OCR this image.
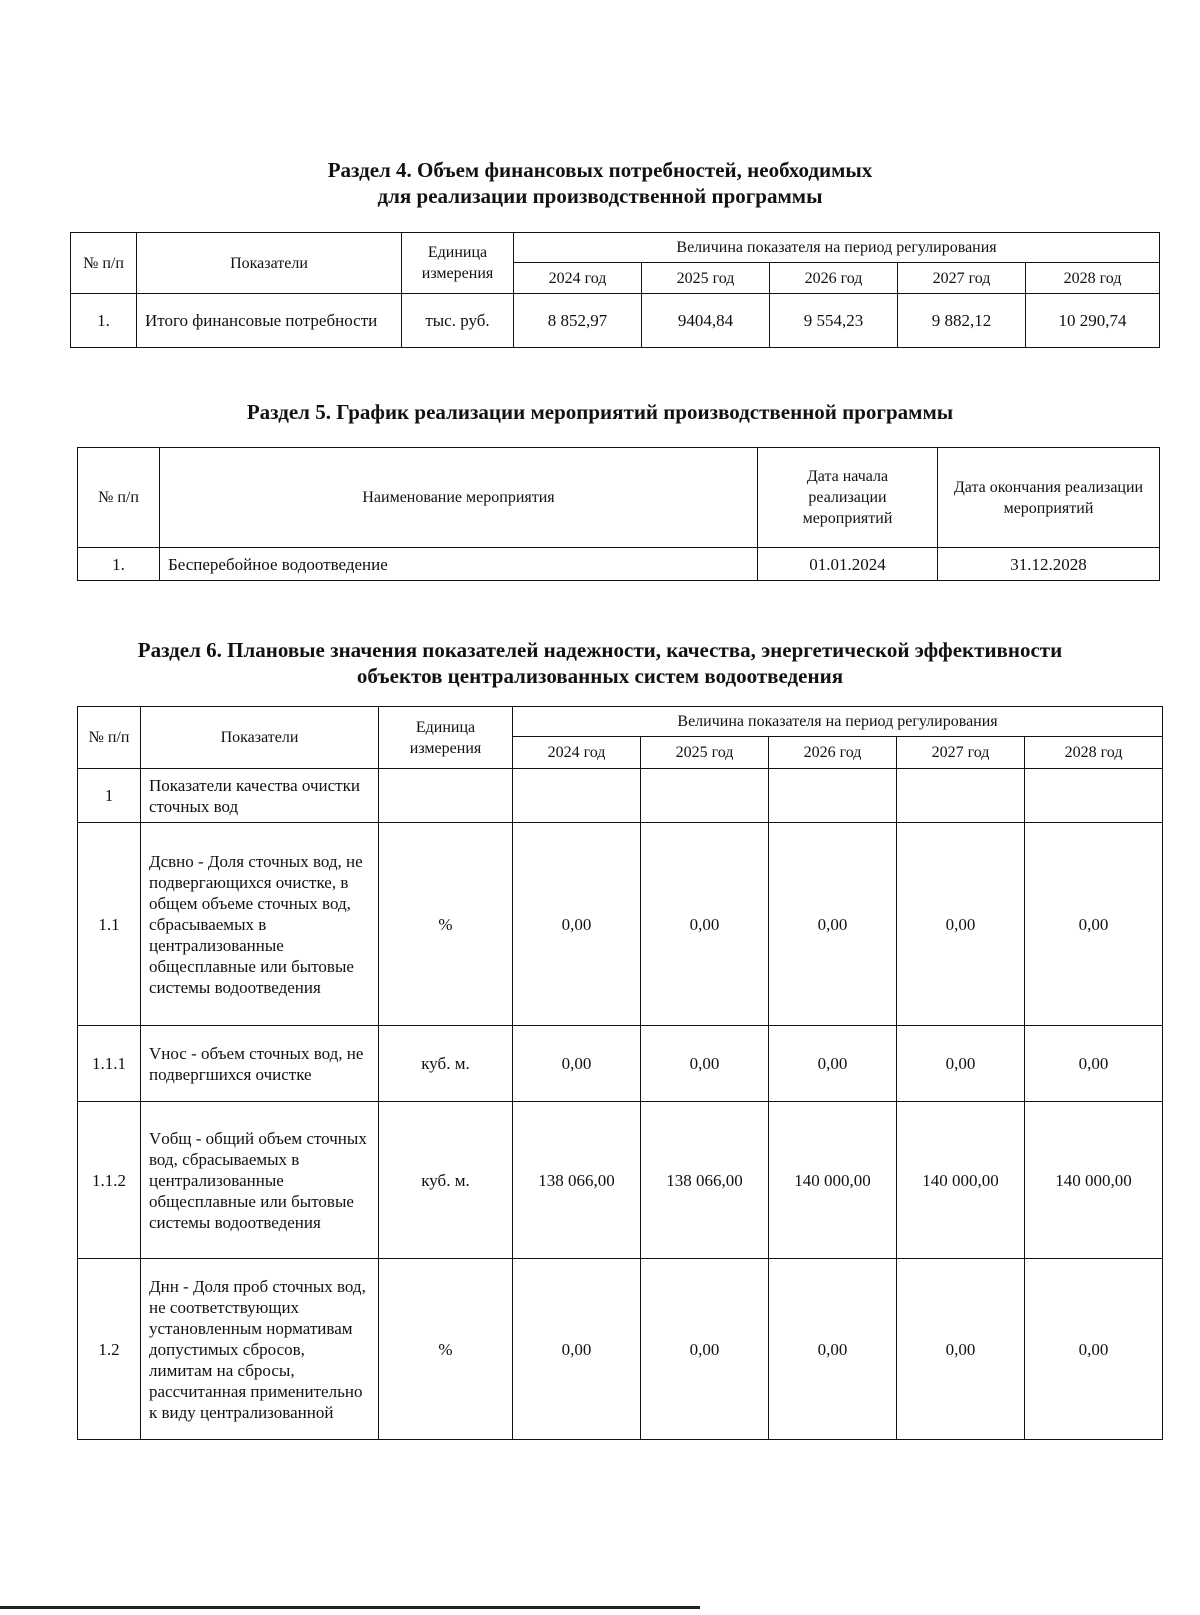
Раздел 4. Объем финансовых потребностей, необходимых
для реализации производственной программы
№ п/п	Показатели	Единица измерения	Величина показателя на период регулирования				
			2024 год	2025 год	2026 год	2027 год	2028 год
1.	Итого финансовые потребности	тыс. руб.	8 852,97	9404,84	9 554,23	9 882,12	10 290,74
Раздел 5. График реализации мероприятий производственной программы
№ п/п	Наименование мероприятия	Дата начала реализации мероприятий	Дата окончания реализации мероприятий
1.	Бесперебойное водоотведение	01.01.2024	31.12.2028
Раздел 6. Плановые значения показателей надежности, качества, энергетической эффективности
объектов централизованных систем водоотведения
№ п/п	Показатели	Единица измерения	Величина показателя на период регулирования				
			2024 год	2025 год	2026 год	2027 год	2028 год
1	Показатели качества очистки сточных вод						
1.1	Дсвно - Доля сточных вод, не подвергающихся очистке, в общем объеме сточных вод, сбрасываемых в централизованные общесплавные или бытовые системы водоотведения	%	0,00	0,00	0,00	0,00	0,00
1.1.1	Vнос - объем сточных вод, не подвергшихся очистке	куб. м.	0,00	0,00	0,00	0,00	0,00
1.1.2	Vобщ - общий объем сточных вод, сбрасываемых в централизованные общесплавные или бытовые системы водоотведения	куб. м.	138 066,00	138 066,00	140 000,00	140 000,00	140 000,00
1.2	Днн - Доля проб сточных вод, не соответствующих установленным нормативам допустимых сбросов, лимитам на сбросы, рассчитанная применительно к виду централизованной	%	0,00	0,00	0,00	0,00	0,00
